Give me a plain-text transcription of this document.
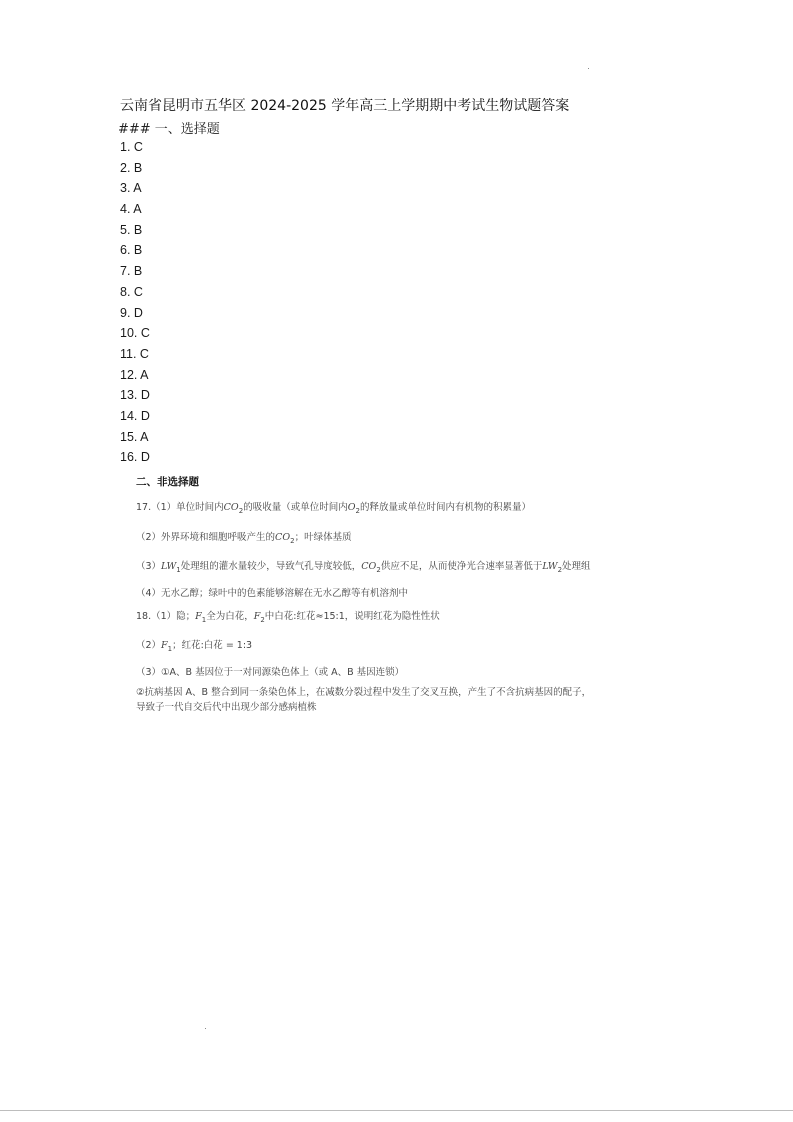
云南省昆明市五华区 2024-2025 学年高三上学期期中考试生物试题答案
### 一、选择题
1. C
2. B
3. A
4. A
5. B
6. B
7. B
8. C
9. D
10. C
11. C
12. A
13. D
14. D
15. A
16. D
二、非选择题
17.（1）单位时间内$CO_2$的吸收量（或单位时间内$O_2$的释放量或单位时间内有机物的积累量）
（2）外界环境和细胞呼吸产生的$CO_2$；叶绿体基质
$(3)LW_1$处理组的灌水量较少，导致气孔导度较低，$CO_2$供应不足，从而使净光合速率显著低于$LW_2$处理组
（4）无水乙醇；绿叶中的色素能够溶解在无水乙醇等有机溶剂中
18.（1）隐；$F_1$全为白花，$F_2$中白花:红花≈15:1，说明红花为隐性性状
$(2)F_1$；红花:白花 = 1:3
（3）①A、B 基因位于一对同源染色体上（或 A、B 基因连锁）
②抗病基因 A、B 整合到同一条染色体上，在减数分裂过程中发生了交叉互换，产生了不含抗病基因的配子，
导致子一代自交后代中出现少部分感病植株
